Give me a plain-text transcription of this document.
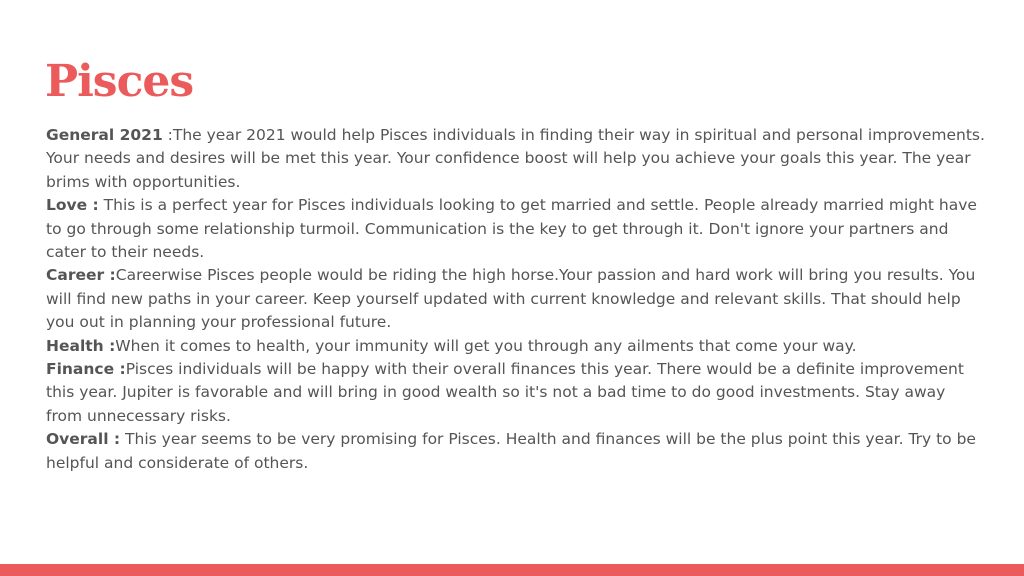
Pisces

General 2021 :The year 2021 would help Pisces individuals in finding their way in spiritual and personal improvements. Your needs and desires will be met this year. Your confidence boost will help you achieve your goals this year. The year brims with opportunities.

Love : This is a perfect year for Pisces individuals looking to get married and settle. People already married might have to go through some relationship turmoil. Communication is the key to get through it. Don't ignore your partners and cater to their needs.

Career :Careerwise Pisces people would be riding the high horse.Your passion and hard work will bring you results. You will find new paths in your career. Keep yourself updated with current knowledge and relevant skills. That should help you out in planning your professional future.

Health :When it comes to health, your immunity will get you through any ailments that come your way.

Finance :Pisces individuals will be happy with their overall finances this year. There would be a definite improvement this year. Jupiter is favorable and will bring in good wealth so it's not a bad time to do good investments. Stay away from unnecessary risks.

Overall : This year seems to be very promising for Pisces. Health and finances will be the plus point this year. Try to be helpful and considerate of others.
